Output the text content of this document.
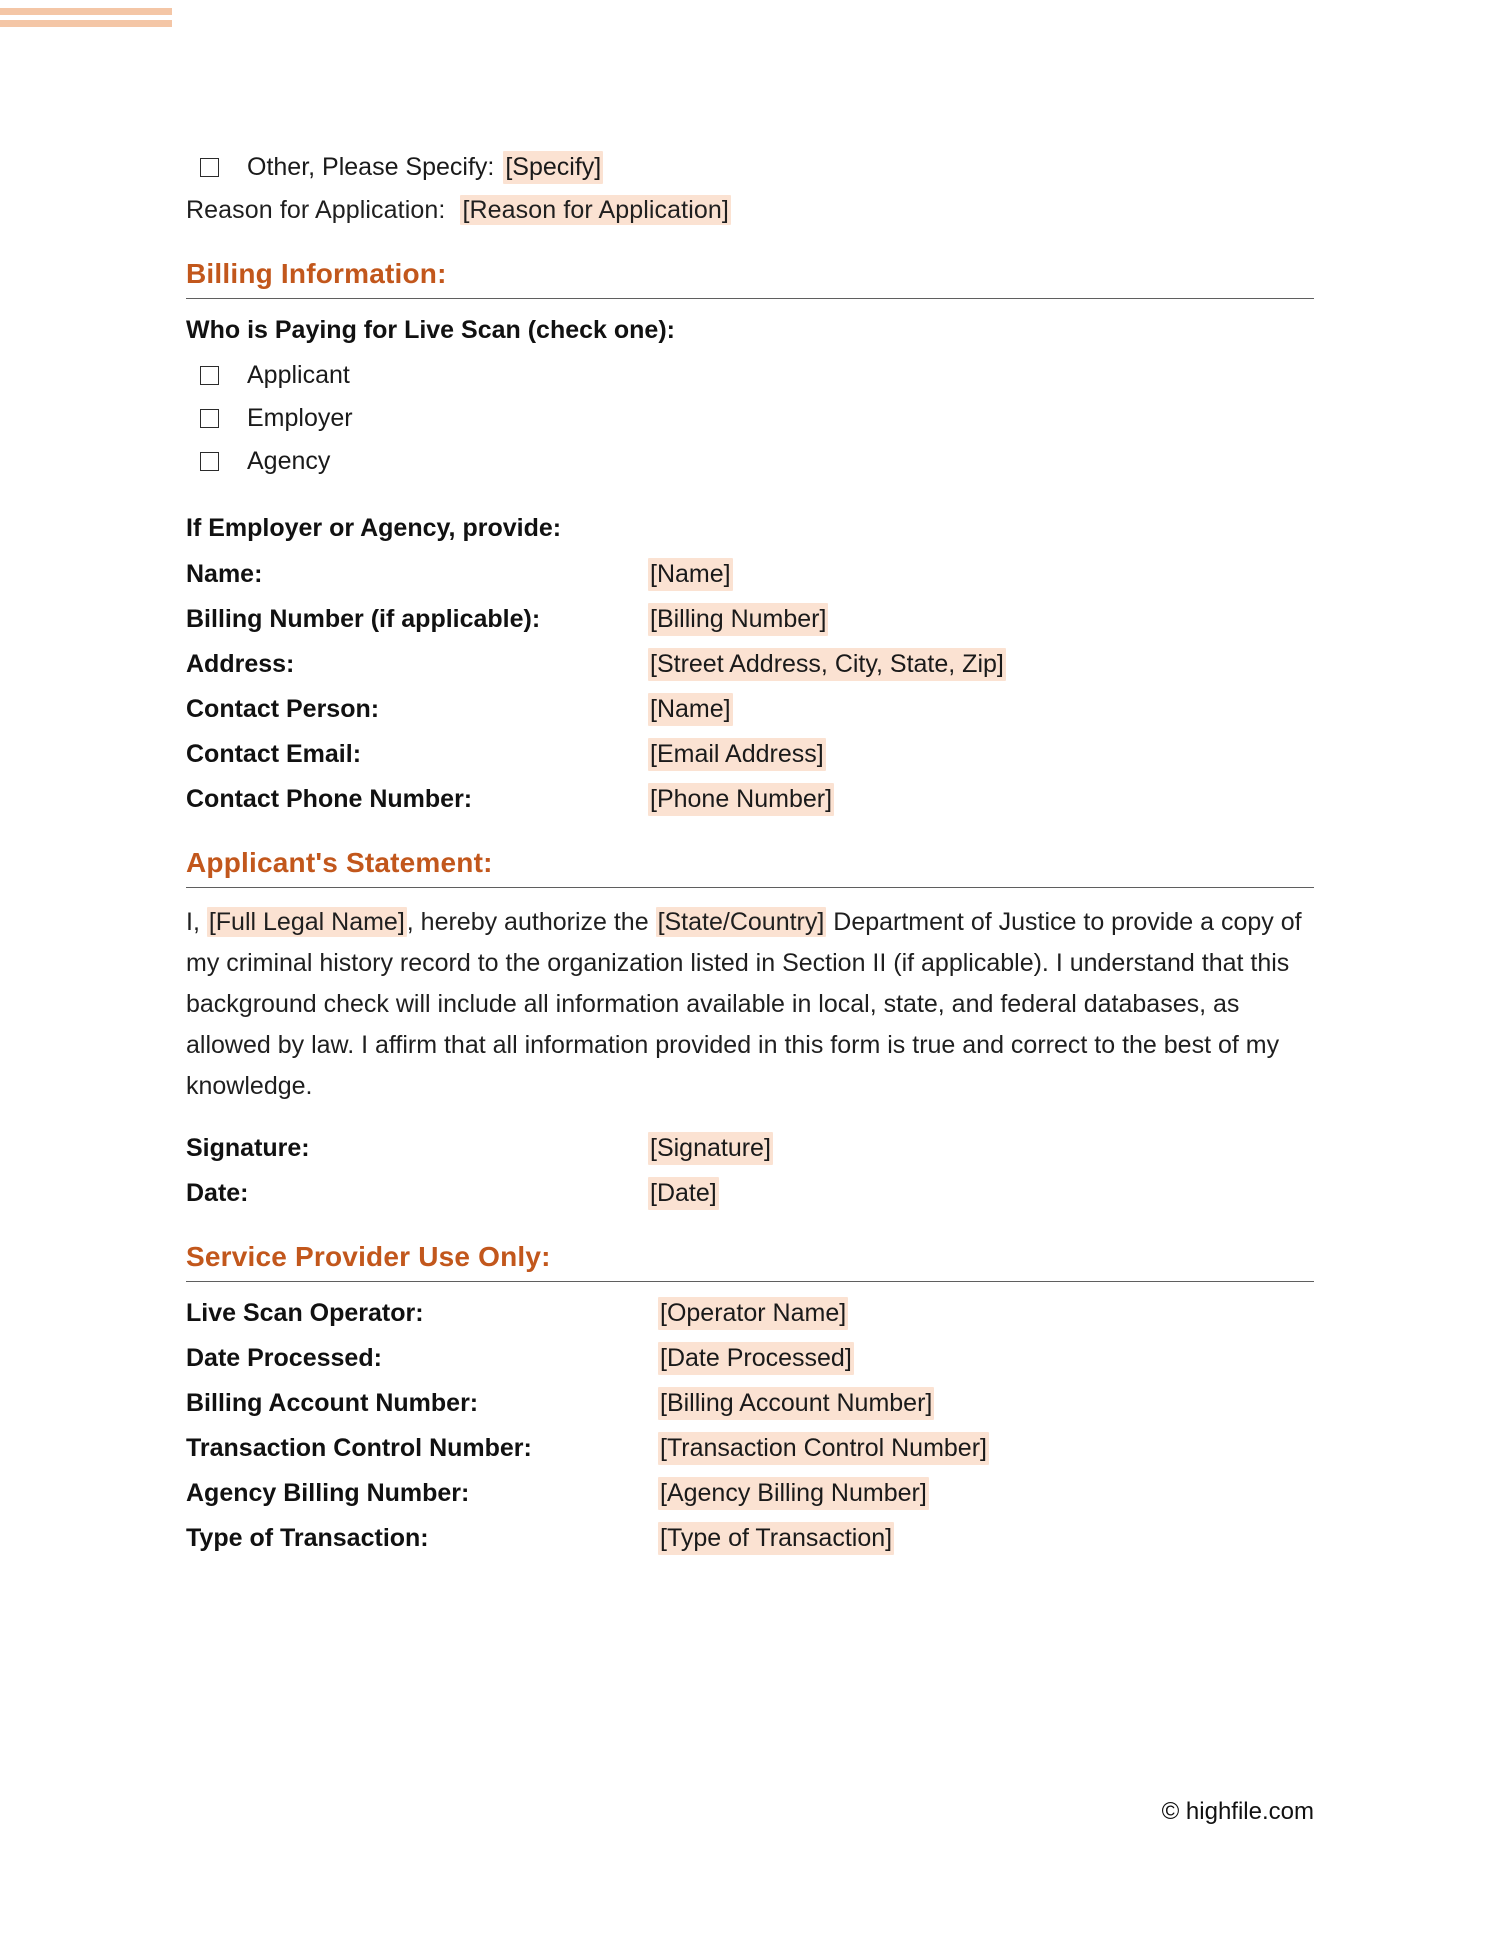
Other, Please Specify: [Specify]
Reason for Application: [Reason for Application]
Billing Information:
Who is Paying for Live Scan (check one):
Applicant
Employer
Agency
If Employer or Agency, provide:
Name:	[Name]
Billing Number (if applicable):	[Billing Number]
Address:	[Street Address, City, State, Zip]
Contact Person:	[Name]
Contact Email:	[Email Address]
Contact Phone Number:	[Phone Number]
Applicant's Statement:
I, [Full Legal Name], hereby authorize the [State/Country] Department of Justice to provide a copy of my criminal history record to the organization listed in Section II (if applicable). I understand that this background check will include all information available in local, state, and federal databases, as allowed by law. I affirm that all information provided in this form is true and correct to the best of my knowledge.
Signature:	[Signature]
Date:	[Date]
Service Provider Use Only:
Live Scan Operator:	[Operator Name]
Date Processed:	[Date Processed]
Billing Account Number:	[Billing Account Number]
Transaction Control Number:	[Transaction Control Number]
Agency Billing Number:	[Agency Billing Number]
Type of Transaction:	[Type of Transaction]
© highfile.com
